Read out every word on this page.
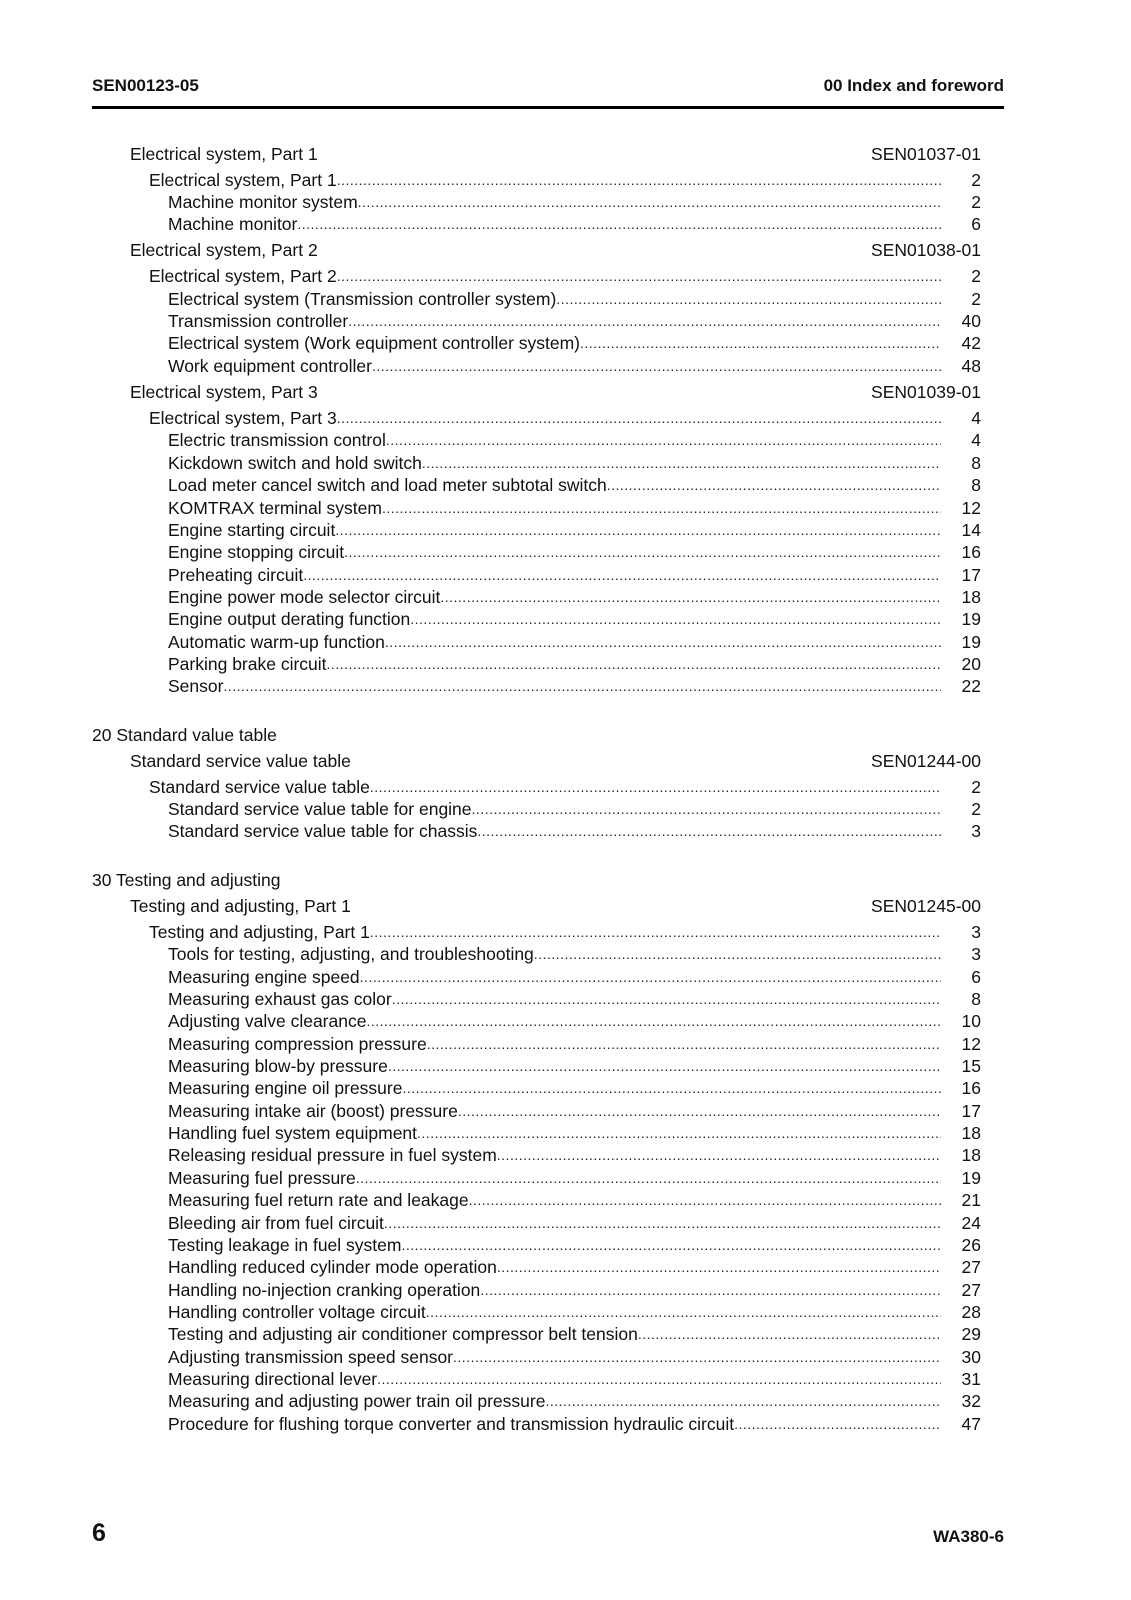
SEN00123-05	00 Index and foreword
Electrical system, Part 1	SEN01037-01
Electrical system, Part 1 .....	2
Machine monitor system .....	2
Machine monitor .....	6
Electrical system, Part 2	SEN01038-01
Electrical system, Part 2 .....	2
Electrical system (Transmission controller system) .....	2
Transmission controller .....	40
Electrical system (Work equipment controller system) .....	42
Work equipment controller .....	48
Electrical system, Part 3	SEN01039-01
Electrical system, Part 3 .....	4
Electric transmission control .....	4
Kickdown switch and hold switch .....	8
Load meter cancel switch and load meter subtotal switch .....	8
KOMTRAX terminal system .....	12
Engine starting circuit .....	14
Engine stopping circuit .....	16
Preheating circuit .....	17
Engine power mode selector circuit .....	18
Engine output derating function .....	19
Automatic warm-up function .....	19
Parking brake circuit .....	20
Sensor .....	22
20 Standard value table
Standard service value table	SEN01244-00
Standard service value table .....	2
Standard service value table for engine .....	2
Standard service value table for chassis .....	3
30 Testing and adjusting
Testing and adjusting, Part 1	SEN01245-00
Testing and adjusting, Part 1 .....	3
Tools for testing, adjusting, and troubleshooting .....	3
Measuring engine speed .....	6
Measuring exhaust gas color .....	8
Adjusting valve clearance .....	10
Measuring compression pressure .....	12
Measuring blow-by pressure .....	15
Measuring engine oil pressure .....	16
Measuring intake air (boost) pressure .....	17
Handling fuel system equipment .....	18
Releasing residual pressure in fuel system .....	18
Measuring fuel pressure .....	19
Measuring fuel return rate and leakage .....	21
Bleeding air from fuel circuit .....	24
Testing leakage in fuel system .....	26
Handling reduced cylinder mode operation .....	27
Handling no-injection cranking operation .....	27
Handling controller voltage circuit .....	28
Testing and adjusting air conditioner compressor belt tension .....	29
Adjusting transmission speed sensor .....	30
Measuring directional lever .....	31
Measuring and adjusting power train oil pressure .....	32
Procedure for flushing torque converter and transmission hydraulic circuit .....	47
6	WA380-6
